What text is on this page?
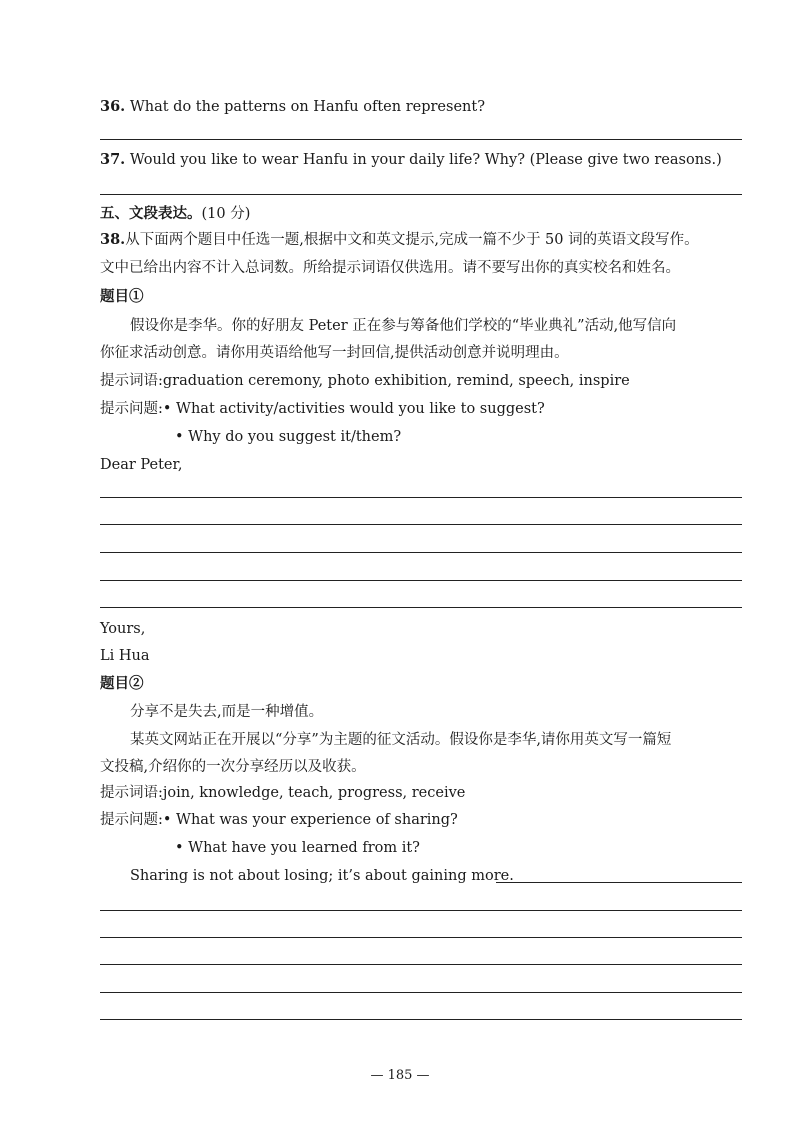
36. What do the patterns on Hanfu often represent?
37. Would you like to wear Hanfu in your daily life? Why? (Please give two reasons.)
五、文段表达。(10 分)
38.从下面两个题目中任选一题,根据中文和英文提示,完成一篇不少于 50 词的英语文段写作。
文中已给出内容不计入总词数。所给提示词语仅供选用。请不要写出你的真实校名和姓名。
题目①
假设你是李华。你的好朋友 Peter 正在参与筹备他们学校的“毕业典礼”活动,他写信向
你征求活动创意。请你用英语给他写一封回信,提供活动创意并说明理由。
提示词语:graduation ceremony, photo exhibition, remind, speech, inspire
提示问题:• What activity/activities would you like to suggest?
• Why do you suggest it/them?
Dear Peter,
Yours,
Li Hua
题目②
分享不是失去,而是一种增值。
某英文网站正在开展以“分享”为主题的征文活动。假设你是李华,请你用英文写一篇短
文投稿,介绍你的一次分享经历以及收获。
提示词语:join, knowledge, teach, progress, receive
提示问题:• What was your experience of sharing?
• What have you learned from it?
Sharing is not about losing; it’s about gaining more.
— 185 —
